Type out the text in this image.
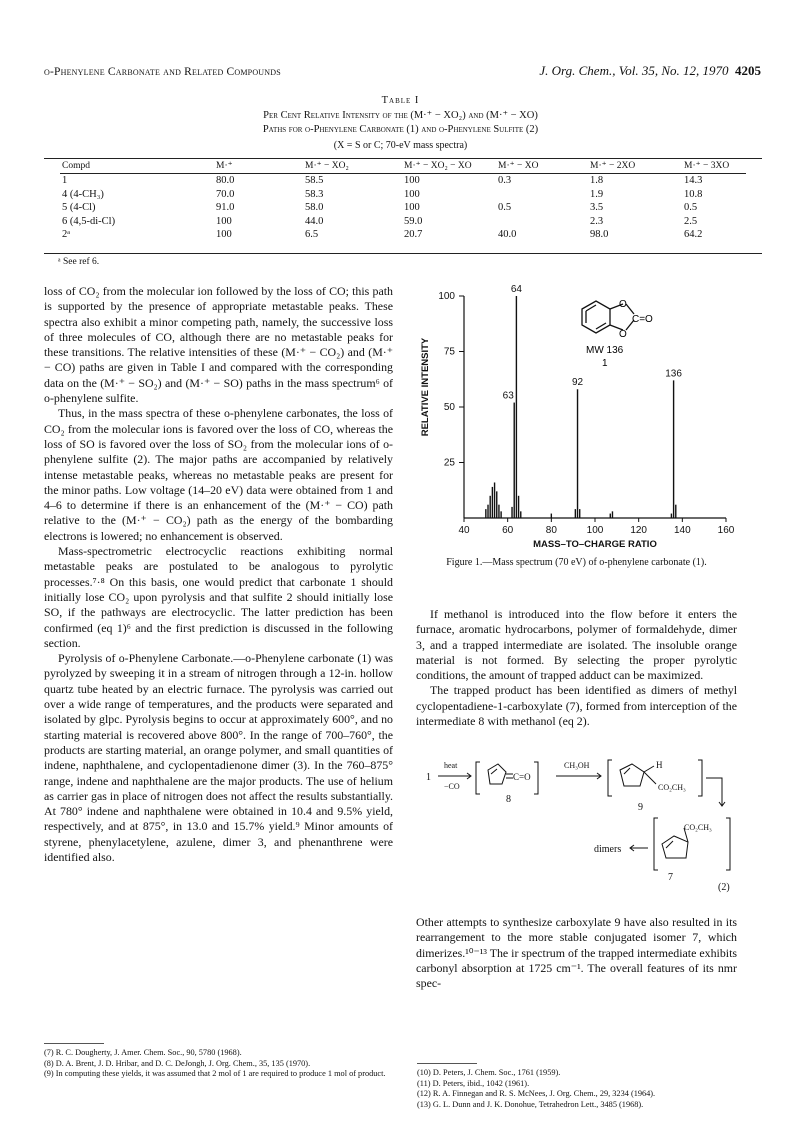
o-Phenylene Carbonate and Related Compounds	J. Org. Chem., Vol. 35, No. 12, 1970 4205
Table I
Per Cent Relative Intensity of the (M·⁺ − XO₂) and (M·⁺ − XO)
Paths for o-Phenylene Carbonate (1) and o-Phenylene Sulfite (2)
(X = S or C; 70-eV mass spectra)
Compd	M·⁺	M·⁺ − XO₂	M·⁺ − XO₂ − XO	M·⁺ − XO	M·⁺ − 2XO	M·⁺ − 3XO
1	80.0	58.5	100	0.3	1.8	14.3
4 (4-CH₃)	70.0	58.3	100		1.9	10.8
5 (4-Cl)	91.0	58.0	100	0.5	3.5	0.5
6 (4,5-di-Cl)	100	44.0	59.0		2.3	2.5
2ᵃ	100	6.5	20.7	40.0	98.0	64.2
ᵃ See ref 6.

loss of CO₂ from the molecular ion followed by the loss of CO; this path is supported by the presence of appropriate metastable peaks. These spectra also exhibit a minor competing path, namely, the successive loss of three molecules of CO, although there are no metastable peaks for these transitions. The relative intensities of these (M·⁺ − CO₂) and (M·⁺ − CO) paths are given in Table I and compared with the corresponding data on the (M·⁺ − SO₂) and (M·⁺ − SO) paths in the mass spectrum⁶ of o-phenylene sulfite.

Thus, in the mass spectra of these o-phenylene carbonates, the loss of CO₂ from the molecular ions is favored over the loss of CO, whereas the loss of SO is favored over the loss of SO₂ from the molecular ions of o-phenylene sulfite (2). The major paths are accompanied by relatively intense metastable peaks, whereas no metastable peaks are present for the minor paths. Low voltage (14–20 eV) data were obtained from 1 and 4–6 to determine if there is an enhancement of the (M·⁺ − CO) path relative to the (M·⁺ − CO₂) path as the energy of the bombarding electrons is lowered; no enhancement is observed.

Mass-spectrometric electrocyclic reactions exhibiting normal metastable peaks are postulated to be analogous to pyrolytic processes.⁷·⁸ On this basis, one would predict that carbonate 1 should initially lose CO₂ upon pyrolysis and that sulfite 2 should initially lose SO, if the pathways are electrocyclic. The latter prediction has been confirmed (eq 1)⁶ and the first prediction is discussed in the following section.

Pyrolysis of o-Phenylene Carbonate.—o-Phenylene carbonate (1) was pyrolyzed by sweeping it in a stream of nitrogen through a 12-in. hollow quartz tube heated by an electric furnace. The pyrolysis was carried out over a wide range of temperatures, and the products were separated and isolated by glpc. Pyrolysis begins to occur at approximately 600°, and no starting material is recovered above 800°. In the range of 700–760°, the products are starting material, an orange polymer, and small quantities of indene, naphthalene, and cyclopentadienone dimer (3). In the 760–875° range, indene and naphthalene are the major products. The use of helium as carrier gas in place of nitrogen does not affect the results substantially. At 780° indene and naphthalene were obtained in 10.4 and 9.5% yield, respectively, and at 875°, in 13.0 and 15.7% yield.⁹ Minor amounts of styrene, phenylacetylene, azulene, dimer 3, and phenanthrene were identified also.

40	60	80	100	120	140	160
25
50
75
100
64
63
92
136
MASS–TO–CHARGE RATIO
RELATIVE INTENSITY
O
O
C=O
MW 136
1
Figure 1.—Mass spectrum (70 eV) of o-phenylene carbonate (1).

If methanol is introduced into the flow before it enters the furnace, aromatic hydrocarbons, polymer of formaldehyde, dimer 3, and a trapped intermediate are isolated. The insoluble orange material is not formed. By selecting the proper pyrolytic conditions, the amount of trapped adduct can be maximized.

The trapped product has been identified as dimers of methyl cyclopentadiene-1-carboxylate (7), formed from interception of the intermediate 8 with methanol (eq 2).

1
heat
−CO
8
C=O
CH₃OH	H
CO₂CH₃
9
CO₂CH₃
7
dimers
(2)

Other attempts to synthesize carboxylate 9 have also resulted in its rearrangement to the more stable conjugated isomer 7, which dimerizes.¹⁰⁻¹³ The ir spectrum of the trapped intermediate exhibits carbonyl absorption at 1725 cm⁻¹. The overall features of its nmr spec-

(7) R. C. Dougherty, J. Amer. Chem. Soc., 90, 5780 (1968).
(8) D. A. Brent, J. D. Hribar, and D. C. DeJongh, J. Org. Chem., 35, 135 (1970).
(9) In computing these yields, it was assumed that 2 mol of 1 are required to produce 1 mol of product.	(10) D. Peters, J. Chem. Soc., 1761 (1959).
(11) D. Peters, ibid., 1042 (1961).
(12) R. A. Finnegan and R. S. McNees, J. Org. Chem., 29, 3234 (1964).
(13) G. L. Dunn and J. K. Donohue, Tetrahedron Lett., 3485 (1968).
